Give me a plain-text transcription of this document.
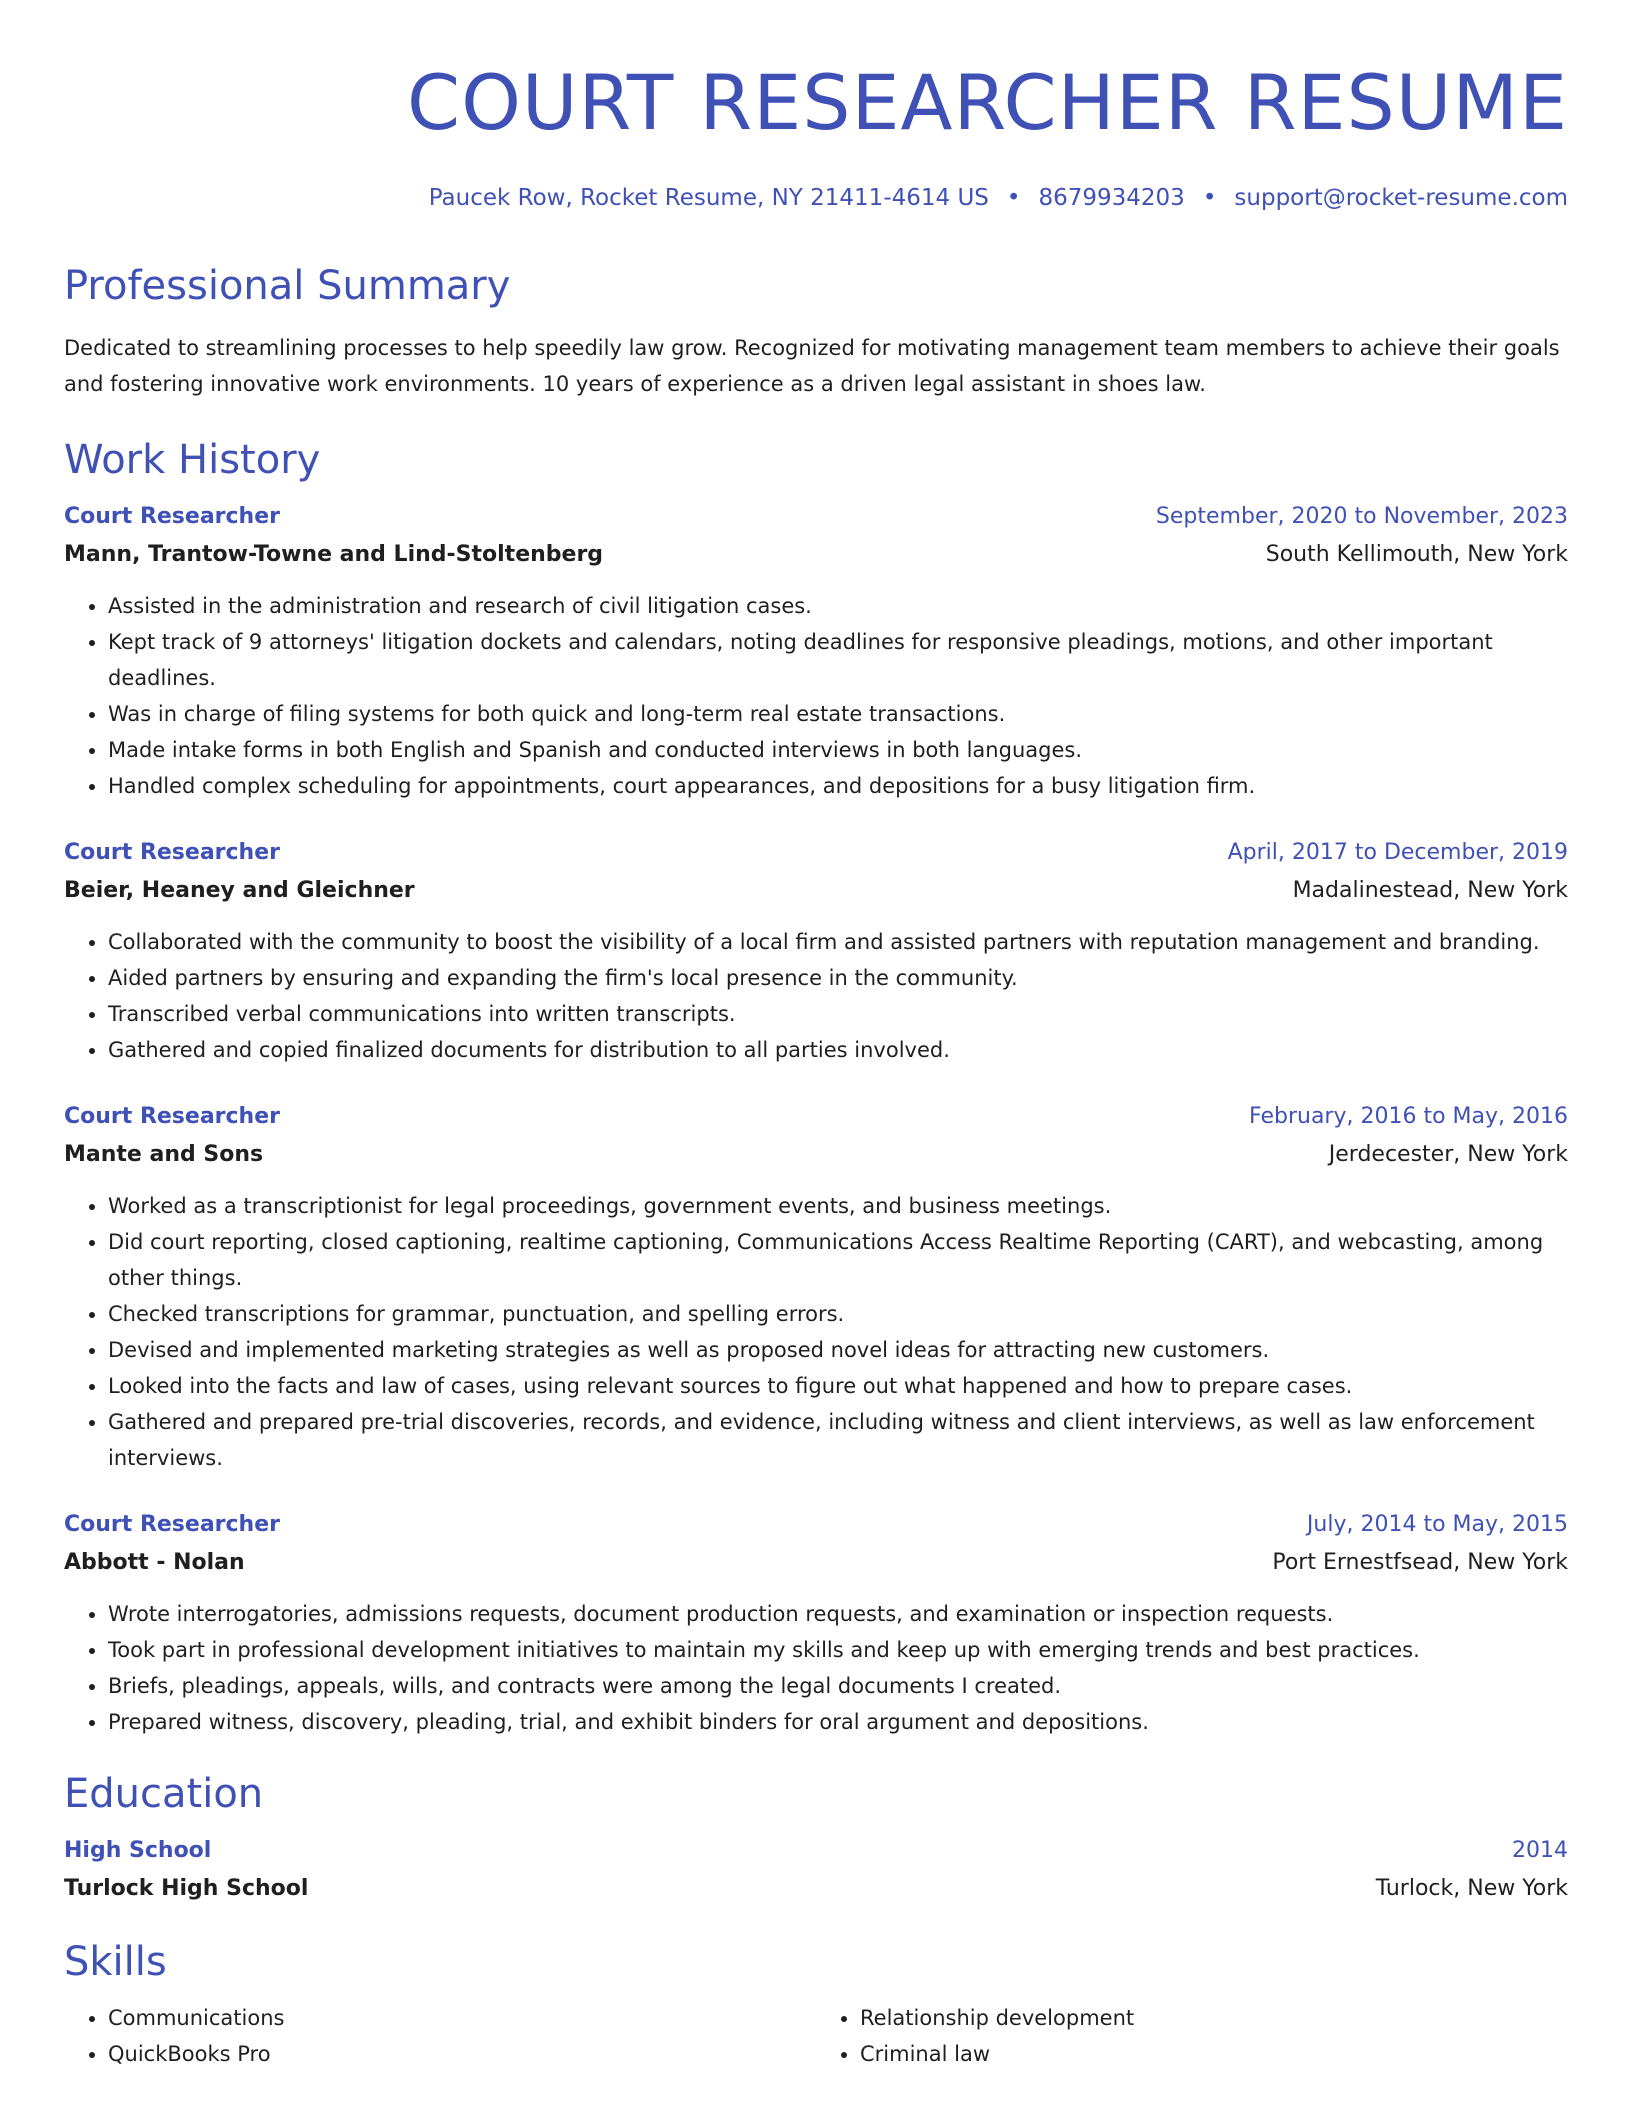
COURT RESEARCHER RESUME
Paucek Row, Rocket Resume, NY 21411-4614 US • 8679934203 • support@rocket-resume.com
Professional Summary
Dedicated to streamlining processes to help speedily law grow. Recognized for motivating management team members to achieve their goals and fostering innovative work environments. 10 years of experience as a driven legal assistant in shoes law.
Work History
Court Researcher	September, 2020 to November, 2023
Mann, Trantow-Towne and Lind-Stoltenberg	South Kellimouth, New York
• Assisted in the administration and research of civil litigation cases.
• Kept track of 9 attorneys' litigation dockets and calendars, noting deadlines for responsive pleadings, motions, and other important deadlines.
• Was in charge of filing systems for both quick and long-term real estate transactions.
• Made intake forms in both English and Spanish and conducted interviews in both languages.
• Handled complex scheduling for appointments, court appearances, and depositions for a busy litigation firm.
Court Researcher	April, 2017 to December, 2019
Beier, Heaney and Gleichner	Madalinestead, New York
• Collaborated with the community to boost the visibility of a local firm and assisted partners with reputation management and branding.
• Aided partners by ensuring and expanding the firm's local presence in the community.
• Transcribed verbal communications into written transcripts.
• Gathered and copied finalized documents for distribution to all parties involved.
Court Researcher	February, 2016 to May, 2016
Mante and Sons	Jerdecester, New York
• Worked as a transcriptionist for legal proceedings, government events, and business meetings.
• Did court reporting, closed captioning, realtime captioning, Communications Access Realtime Reporting (CART), and webcasting, among other things.
• Checked transcriptions for grammar, punctuation, and spelling errors.
• Devised and implemented marketing strategies as well as proposed novel ideas for attracting new customers.
• Looked into the facts and law of cases, using relevant sources to figure out what happened and how to prepare cases.
• Gathered and prepared pre-trial discoveries, records, and evidence, including witness and client interviews, as well as law enforcement interviews.
Court Researcher	July, 2014 to May, 2015
Abbott - Nolan	Port Ernestfsead, New York
• Wrote interrogatories, admissions requests, document production requests, and examination or inspection requests.
• Took part in professional development initiatives to maintain my skills and keep up with emerging trends and best practices.
• Briefs, pleadings, appeals, wills, and contracts were among the legal documents I created.
• Prepared witness, discovery, pleading, trial, and exhibit binders for oral argument and depositions.
Education
High School	2014
Turlock High School	Turlock, New York
Skills
• Communications
• QuickBooks Pro
• Relationship development
• Criminal law
